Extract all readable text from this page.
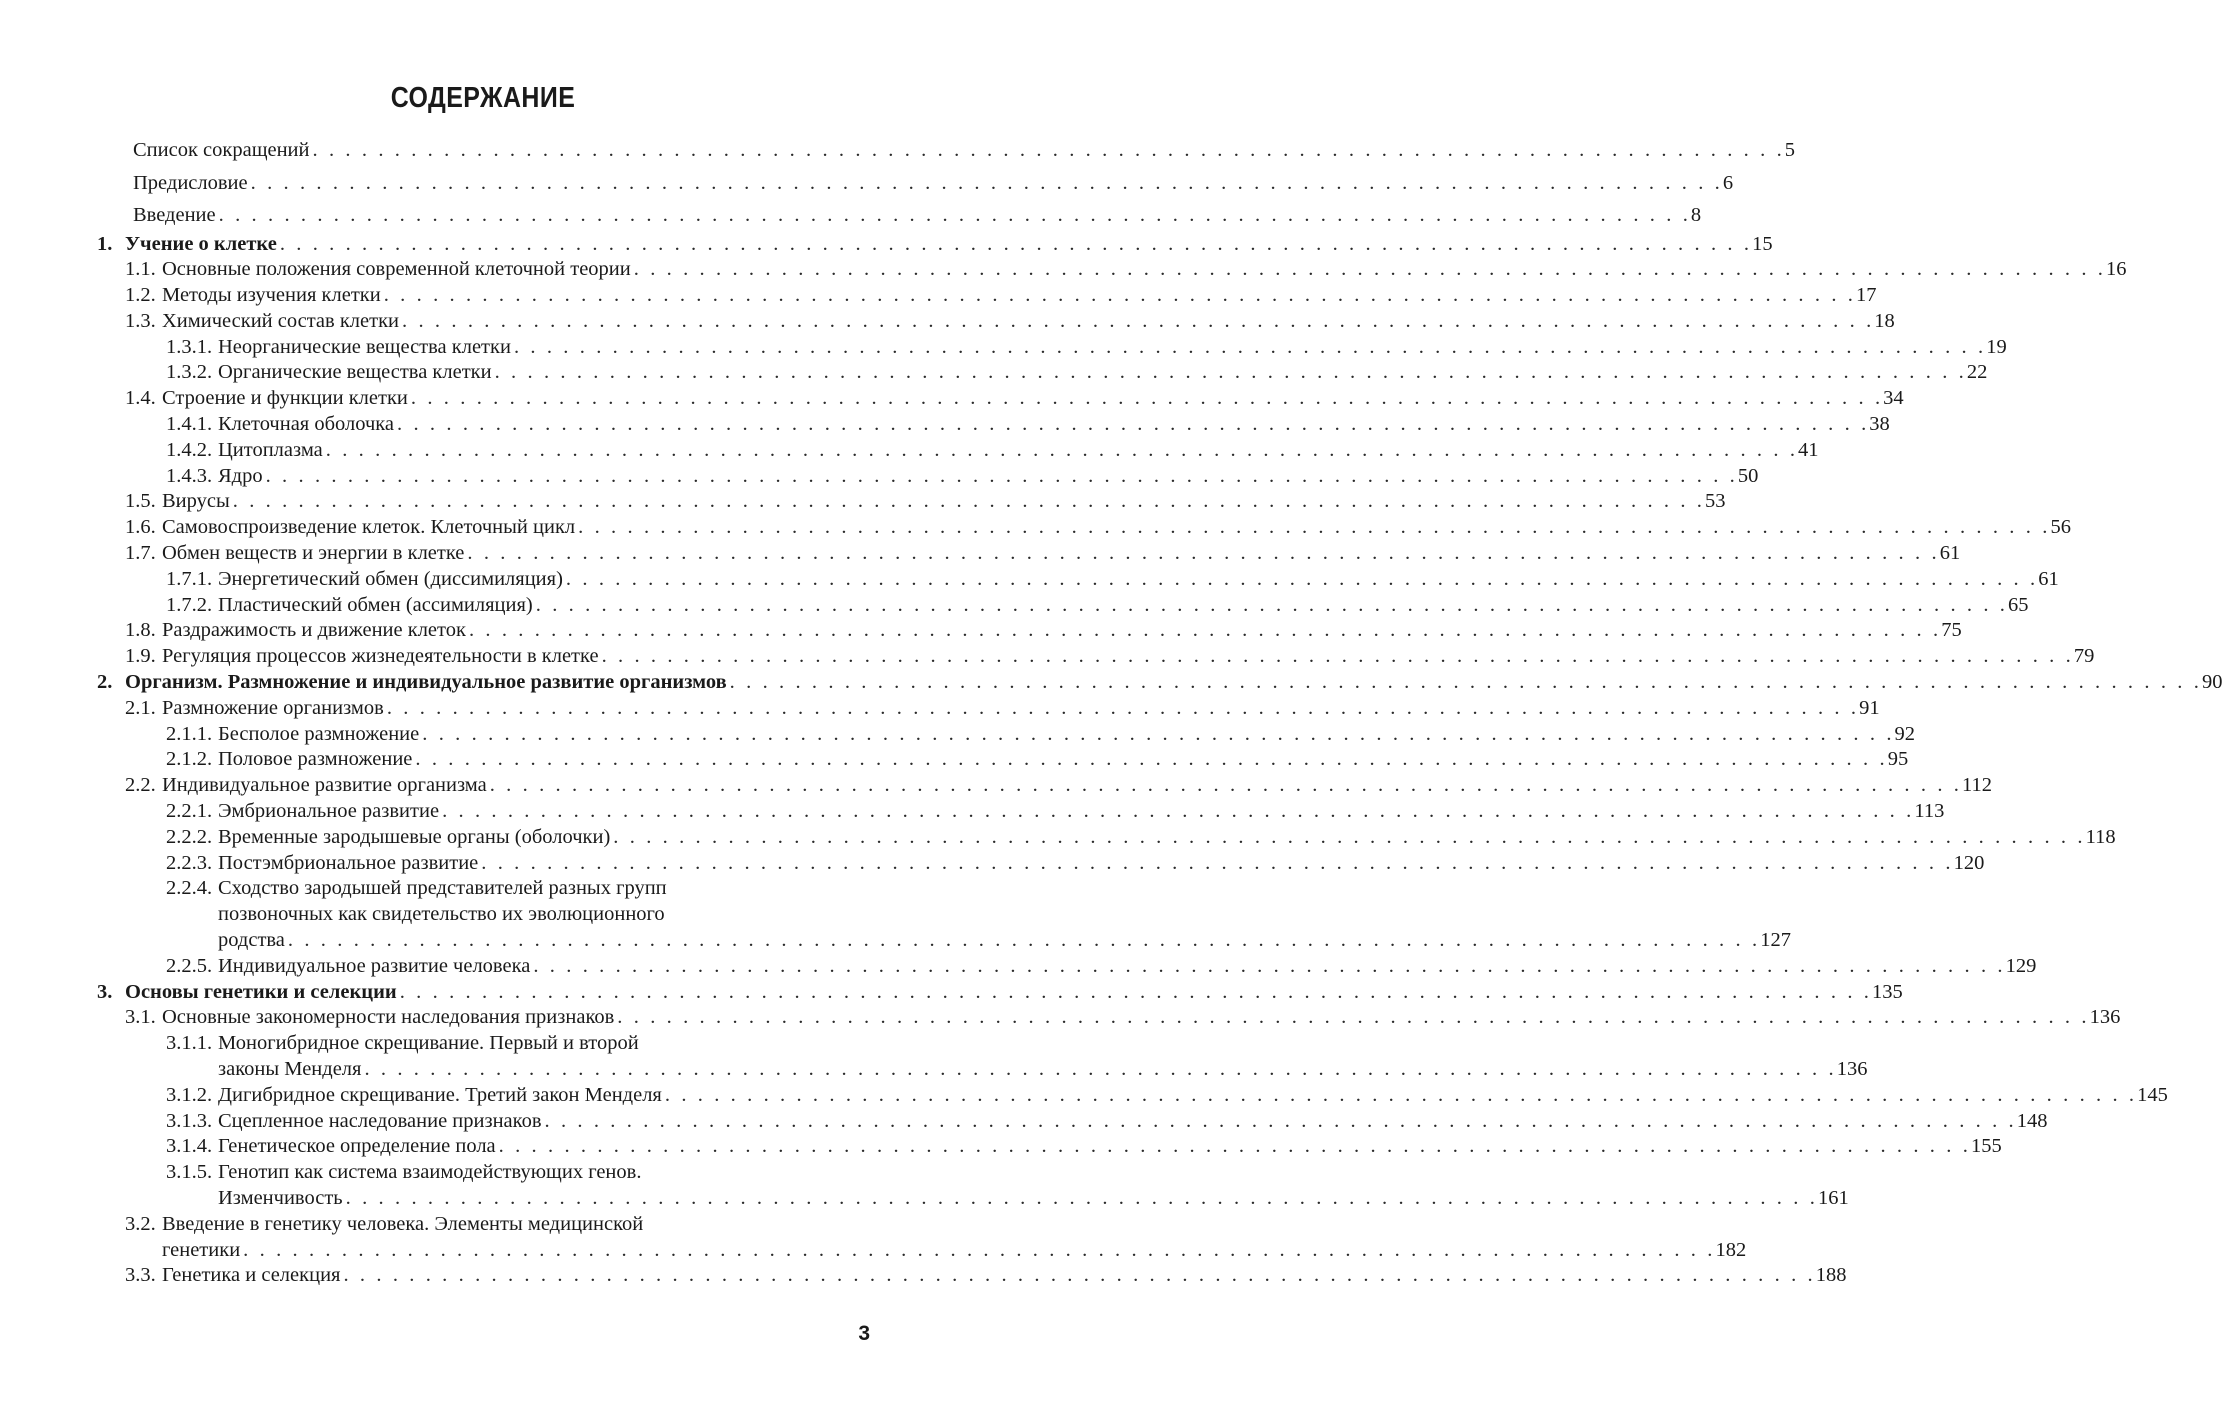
СОДЕРЖАНИЕ
Список сокращений . . . . . . . . . . . . . . . . . . . . . . . . . . . . . . . . . . . . . . . . . . . . . . . . . . . . . . . . . . . . . . . . . . . . . . . . . . . . . . . . . . . . . . . . . . 5
Предисловие . . . . . . . . . . . . . . . . . . . . . . . . . . . . . . . . . . . . . . . . . . . . . . . . . . . . . . . . . . . . . . . . . . . . . . . . . . . . . . . . . . . . . . . . . . 6
Введение . . . . . . . . . . . . . . . . . . . . . . . . . . . . . . . . . . . . . . . . . . . . . . . . . . . . . . . . . . . . . . . . . . . . . . . . . . . . . . . . . . . . . . . . . . 8
1. Учение о клетке . . . . . . . . . . . . . . . . . . . . . . . . . . . . . . . . . . . . . . . . . . . . . . . . . . . . . . . . . . . . . . . . . . . . . . . . . . . . . . . . . . . . . . . . . . 15
1.1. Основные положения современной клеточной теории . . . . . . . . . . . . . . . . . . . . . . . . . . . . . . . . . . . . . . . . . . . . . . . . . . . . . . . . . . . . . . . . . . . . . . . . . . . . . . . . . . . . . . . . . . 16
1.2. Методы изучения клетки . . . . . . . . . . . . . . . . . . . . . . . . . . . . . . . . . . . . . . . . . . . . . . . . . . . . . . . . . . . . . . . . . . . . . . . . . . . . . . . . . . . . . . . . . . 17
1.3. Химический состав клетки . . . . . . . . . . . . . . . . . . . . . . . . . . . . . . . . . . . . . . . . . . . . . . . . . . . . . . . . . . . . . . . . . . . . . . . . . . . . . . . . . . . . . . . . . . 18
1.3.1. Неорганические вещества клетки . . . . . . . . . . . . . . . . . . . . . . . . . . . . . . . . . . . . . . . . . . . . . . . . . . . . . . . . . . . . . . . . . . . . . . . . . . . . . . . . . . . . . . . . . . 19
1.3.2. Органические вещества клетки . . . . . . . . . . . . . . . . . . . . . . . . . . . . . . . . . . . . . . . . . . . . . . . . . . . . . . . . . . . . . . . . . . . . . . . . . . . . . . . . . . . . . . . . . . 22
1.4. Строение и функции клетки . . . . . . . . . . . . . . . . . . . . . . . . . . . . . . . . . . . . . . . . . . . . . . . . . . . . . . . . . . . . . . . . . . . . . . . . . . . . . . . . . . . . . . . . . . 34
1.4.1. Клеточная оболочка . . . . . . . . . . . . . . . . . . . . . . . . . . . . . . . . . . . . . . . . . . . . . . . . . . . . . . . . . . . . . . . . . . . . . . . . . . . . . . . . . . . . . . . . . . 38
1.4.2. Цитоплазма . . . . . . . . . . . . . . . . . . . . . . . . . . . . . . . . . . . . . . . . . . . . . . . . . . . . . . . . . . . . . . . . . . . . . . . . . . . . . . . . . . . . . . . . . . 41
1.4.3. Ядро . . . . . . . . . . . . . . . . . . . . . . . . . . . . . . . . . . . . . . . . . . . . . . . . . . . . . . . . . . . . . . . . . . . . . . . . . . . . . . . . . . . . . . . . . . 50
1.5. Вирусы . . . . . . . . . . . . . . . . . . . . . . . . . . . . . . . . . . . . . . . . . . . . . . . . . . . . . . . . . . . . . . . . . . . . . . . . . . . . . . . . . . . . . . . . . . 53
1.6. Самовоспроизведение клеток. Клеточный цикл . . . . . . . . . . . . . . . . . . . . . . . . . . . . . . . . . . . . . . . . . . . . . . . . . . . . . . . . . . . . . . . . . . . . . . . . . . . . . . . . . . . . . . . . . . 56
1.7. Обмен веществ и энергии в клетке . . . . . . . . . . . . . . . . . . . . . . . . . . . . . . . . . . . . . . . . . . . . . . . . . . . . . . . . . . . . . . . . . . . . . . . . . . . . . . . . . . . . . . . . . . 61
1.7.1. Энергетический обмен (диссимиляция) . . . . . . . . . . . . . . . . . . . . . . . . . . . . . . . . . . . . . . . . . . . . . . . . . . . . . . . . . . . . . . . . . . . . . . . . . . . . . . . . . . . . . . . . . . 61
1.7.2. Пластический обмен (ассимиляция) . . . . . . . . . . . . . . . . . . . . . . . . . . . . . . . . . . . . . . . . . . . . . . . . . . . . . . . . . . . . . . . . . . . . . . . . . . . . . . . . . . . . . . . . . . 65
1.8. Раздражимость и движение клеток . . . . . . . . . . . . . . . . . . . . . . . . . . . . . . . . . . . . . . . . . . . . . . . . . . . . . . . . . . . . . . . . . . . . . . . . . . . . . . . . . . . . . . . . . . 75
1.9. Регуляция процессов жизнедеятельности в клетке . . . . . . . . . . . . . . . . . . . . . . . . . . . . . . . . . . . . . . . . . . . . . . . . . . . . . . . . . . . . . . . . . . . . . . . . . . . . . . . . . . . . . . . . . . 79
2. Организм. Размножение и индивидуальное развитие организмов . . . . . . . . . . . . . . . . . . . . . . . . . . . . . . . . . . . . . . . . . . . . . . . . . . . . . . . . . . . . . . . . . . . . . . . . . . . . . . . . . . . . . . . . . . 90
2.1. Размножение организмов . . . . . . . . . . . . . . . . . . . . . . . . . . . . . . . . . . . . . . . . . . . . . . . . . . . . . . . . . . . . . . . . . . . . . . . . . . . . . . . . . . . . . . . . . . 91
2.1.1. Бесполое размножение . . . . . . . . . . . . . . . . . . . . . . . . . . . . . . . . . . . . . . . . . . . . . . . . . . . . . . . . . . . . . . . . . . . . . . . . . . . . . . . . . . . . . . . . . . 92
2.1.2. Половое размножение . . . . . . . . . . . . . . . . . . . . . . . . . . . . . . . . . . . . . . . . . . . . . . . . . . . . . . . . . . . . . . . . . . . . . . . . . . . . . . . . . . . . . . . . . . 95
2.2. Индивидуальное развитие организма . . . . . . . . . . . . . . . . . . . . . . . . . . . . . . . . . . . . . . . . . . . . . . . . . . . . . . . . . . . . . . . . . . . . . . . . . . . . . . . . . . . . . . . . . . 112
2.2.1. Эмбриональное развитие . . . . . . . . . . . . . . . . . . . . . . . . . . . . . . . . . . . . . . . . . . . . . . . . . . . . . . . . . . . . . . . . . . . . . . . . . . . . . . . . . . . . . . . . . . 113
2.2.2. Временные зародышевые органы (оболочки) . . . . . . . . . . . . . . . . . . . . . . . . . . . . . . . . . . . . . . . . . . . . . . . . . . . . . . . . . . . . . . . . . . . . . . . . . . . . . . . . . . . . . . . . . . 118
2.2.3. Постэмбриональное развитие . . . . . . . . . . . . . . . . . . . . . . . . . . . . . . . . . . . . . . . . . . . . . . . . . . . . . . . . . . . . . . . . . . . . . . . . . . . . . . . . . . . . . . . . . . 120
2.2.4. Сходство зародышей представителей разных групп
позвоночных как свидетельство их эволюционного
родства . . . . . . . . . . . . . . . . . . . . . . . . . . . . . . . . . . . . . . . . . . . . . . . . . . . . . . . . . . . . . . . . . . . . . . . . . . . . . . . . . . . . . . . . . . 127
2.2.5. Индивидуальное развитие человека . . . . . . . . . . . . . . . . . . . . . . . . . . . . . . . . . . . . . . . . . . . . . . . . . . . . . . . . . . . . . . . . . . . . . . . . . . . . . . . . . . . . . . . . . . 129
3. Основы генетики и селекции . . . . . . . . . . . . . . . . . . . . . . . . . . . . . . . . . . . . . . . . . . . . . . . . . . . . . . . . . . . . . . . . . . . . . . . . . . . . . . . . . . . . . . . . . . 135
3.1. Основные закономерности наследования признаков . . . . . . . . . . . . . . . . . . . . . . . . . . . . . . . . . . . . . . . . . . . . . . . . . . . . . . . . . . . . . . . . . . . . . . . . . . . . . . . . . . . . . . . . . . 136
3.1.1. Моногибридное скрещивание. Первый и второй
законы Менделя . . . . . . . . . . . . . . . . . . . . . . . . . . . . . . . . . . . . . . . . . . . . . . . . . . . . . . . . . . . . . . . . . . . . . . . . . . . . . . . . . . . . . . . . . . 136
3.1.2. Дигибридное скрещивание. Третий закон Менделя . . . . . . . . . . . . . . . . . . . . . . . . . . . . . . . . . . . . . . . . . . . . . . . . . . . . . . . . . . . . . . . . . . . . . . . . . . . . . . . . . . . . . . . . . . 145
3.1.3. Сцепленное наследование признаков . . . . . . . . . . . . . . . . . . . . . . . . . . . . . . . . . . . . . . . . . . . . . . . . . . . . . . . . . . . . . . . . . . . . . . . . . . . . . . . . . . . . . . . . . . 148
3.1.4. Генетическое определение пола . . . . . . . . . . . . . . . . . . . . . . . . . . . . . . . . . . . . . . . . . . . . . . . . . . . . . . . . . . . . . . . . . . . . . . . . . . . . . . . . . . . . . . . . . . 155
3.1.5. Генотип как система взаимодействующих генов.
Изменчивость . . . . . . . . . . . . . . . . . . . . . . . . . . . . . . . . . . . . . . . . . . . . . . . . . . . . . . . . . . . . . . . . . . . . . . . . . . . . . . . . . . . . . . . . . . 161
3.2. Введение в генетику человека. Элементы медицинской
генетики . . . . . . . . . . . . . . . . . . . . . . . . . . . . . . . . . . . . . . . . . . . . . . . . . . . . . . . . . . . . . . . . . . . . . . . . . . . . . . . . . . . . . . . . . . 182
3.3. Генетика и селекция . . . . . . . . . . . . . . . . . . . . . . . . . . . . . . . . . . . . . . . . . . . . . . . . . . . . . . . . . . . . . . . . . . . . . . . . . . . . . . . . . . . . . . . . . . 188
3
